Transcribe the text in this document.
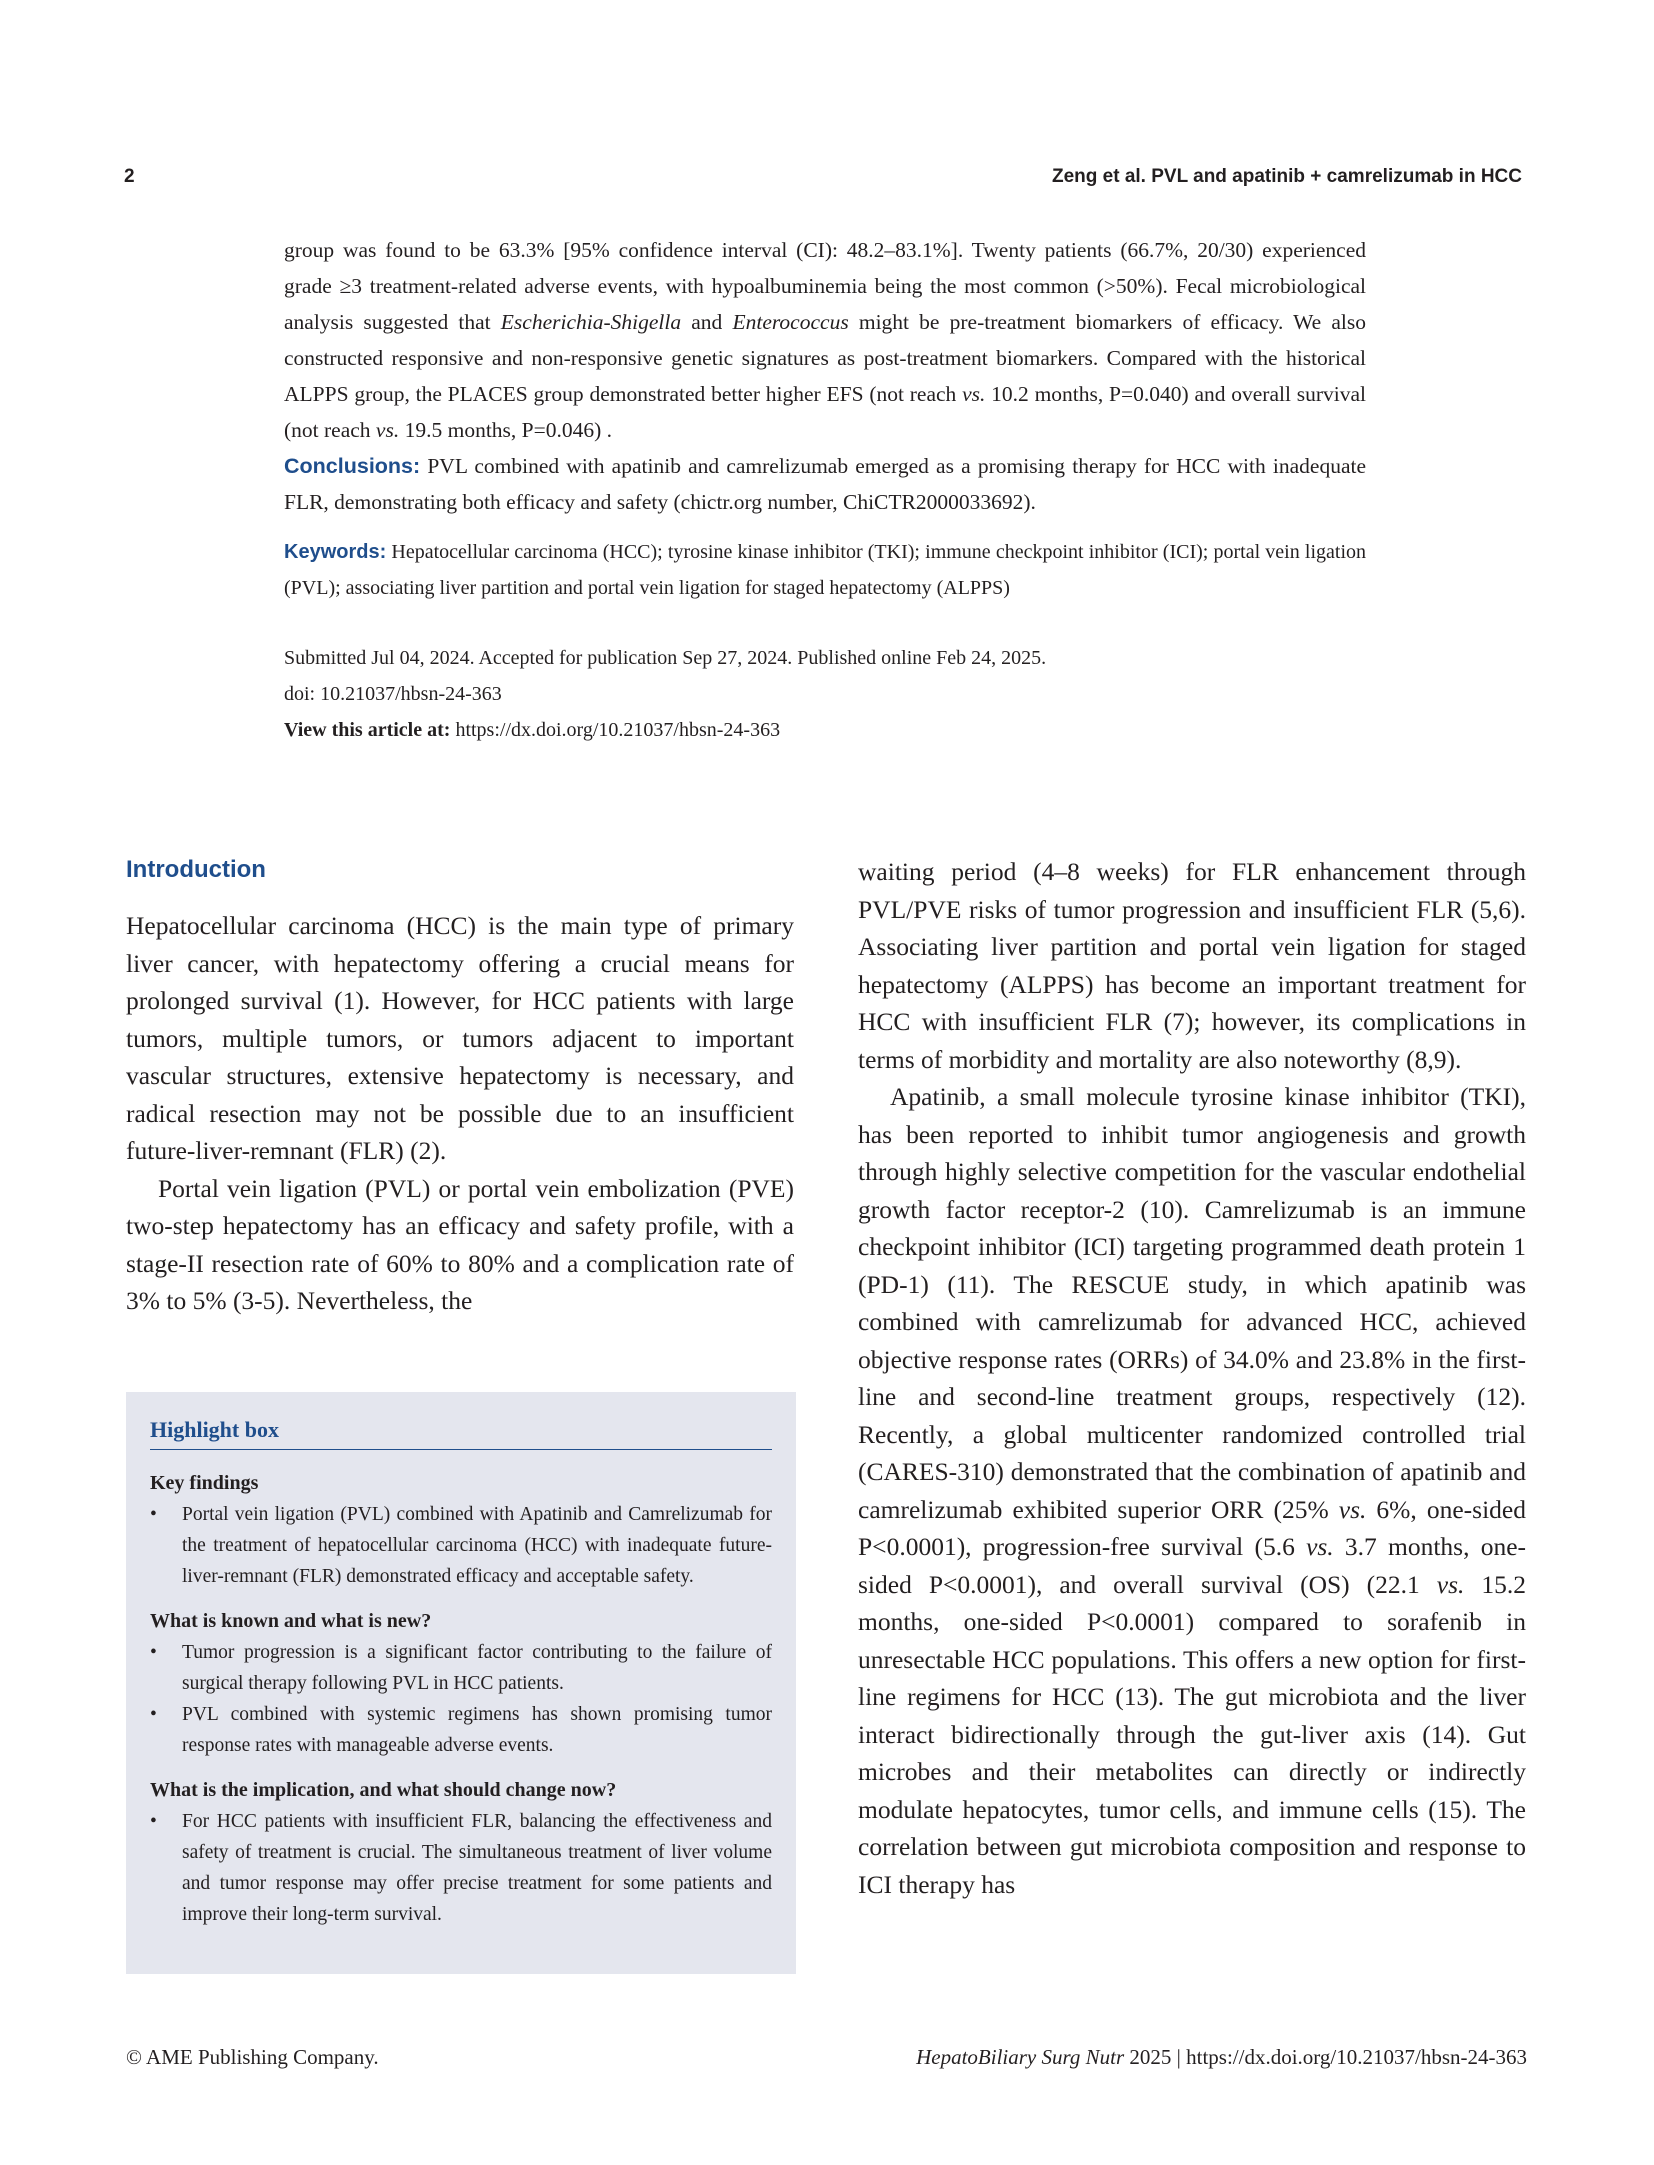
2	Zeng et al. PVL and apatinib + camrelizumab in HCC

group was found to be 63.3% [95% confidence interval (CI): 48.2–83.1%]. Twenty patients (66.7%, 20/30) experienced grade ≥3 treatment-related adverse events, with hypoalbuminemia being the most common (>50%). Fecal microbiological analysis suggested that Escherichia-Shigella and Enterococcus might be pre-treatment biomarkers of efficacy. We also constructed responsive and non-responsive genetic signatures as post-treatment biomarkers. Compared with the historical ALPPS group, the PLACES group demonstrated better higher EFS (not reach vs. 10.2 months, P=0.040) and overall survival (not reach vs. 19.5 months, P=0.046) .

Conclusions: PVL combined with apatinib and camrelizumab emerged as a promising therapy for HCC with inadequate FLR, demonstrating both efficacy and safety (chictr.org number, ChiCTR2000033692).

Keywords: Hepatocellular carcinoma (HCC); tyrosine kinase inhibitor (TKI); immune checkpoint inhibitor (ICI); portal vein ligation (PVL); associating liver partition and portal vein ligation for staged hepatectomy (ALPPS)

Submitted Jul 04, 2024. Accepted for publication Sep 27, 2024. Published online Feb 24, 2025.

doi: 10.21037/hbsn-24-363

View this article at: https://dx.doi.org/10.21037/hbsn-24-363

Introduction

Hepatocellular carcinoma (HCC) is the main type of primary liver cancer, with hepatectomy offering a crucial means for prolonged survival (1). However, for HCC patients with large tumors, multiple tumors, or tumors adjacent to important vascular structures, extensive hepatectomy is necessary, and radical resection may not be possible due to an insufficient future-liver-remnant (FLR) (2).

Portal vein ligation (PVL) or portal vein embolization (PVE) two-step hepatectomy has an efficacy and safety profile, with a stage-II resection rate of 60% to 80% and a complication rate of 3% to 5% (3-5). Nevertheless, the

Highlight box
Key findings
• Portal vein ligation (PVL) combined with Apatinib and Camrelizumab for the treatment of hepatocellular carcinoma (HCC) with inadequate future-liver-remnant (FLR) demonstrated efficacy and acceptable safety.
What is known and what is new?
• Tumor progression is a significant factor contributing to the failure of surgical therapy following PVL in HCC patients.
• PVL combined with systemic regimens has shown promising tumor response rates with manageable adverse events.
What is the implication, and what should change now?
• For HCC patients with insufficient FLR, balancing the effectiveness and safety of treatment is crucial. The simultaneous treatment of liver volume and tumor response may offer precise treatment for some patients and improve their long-term survival.

waiting period (4–8 weeks) for FLR enhancement through PVL/PVE risks of tumor progression and insufficient FLR (5,6). Associating liver partition and portal vein ligation for staged hepatectomy (ALPPS) has become an important treatment for HCC with insufficient FLR (7); however, its complications in terms of morbidity and mortality are also noteworthy (8,9).

Apatinib, a small molecule tyrosine kinase inhibitor (TKI), has been reported to inhibit tumor angiogenesis and growth through highly selective competition for the vascular endothelial growth factor receptor-2 (10). Camrelizumab is an immune checkpoint inhibitor (ICI) targeting programmed death protein 1 (PD-1) (11). The RESCUE study, in which apatinib was combined with camrelizumab for advanced HCC, achieved objective response rates (ORRs) of 34.0% and 23.8% in the first-line and second-line treatment groups, respectively (12). Recently, a global multicenter randomized controlled trial (CARES-310) demonstrated that the combination of apatinib and camrelizumab exhibited superior ORR (25% vs. 6%, one-sided P<0.0001), progression-free survival (5.6 vs. 3.7 months, one-sided P<0.0001), and overall survival (OS) (22.1 vs. 15.2 months, one-sided P<0.0001) compared to sorafenib in unresectable HCC populations. This offers a new option for first-line regimens for HCC (13). The gut microbiota and the liver interact bidirectionally through the gut-liver axis (14). Gut microbes and their metabolites can directly or indirectly modulate hepatocytes, tumor cells, and immune cells (15). The correlation between gut microbiota composition and response to ICI therapy has

© AME Publishing Company.	HepatoBiliary Surg Nutr 2025 | https://dx.doi.org/10.21037/hbsn-24-363
